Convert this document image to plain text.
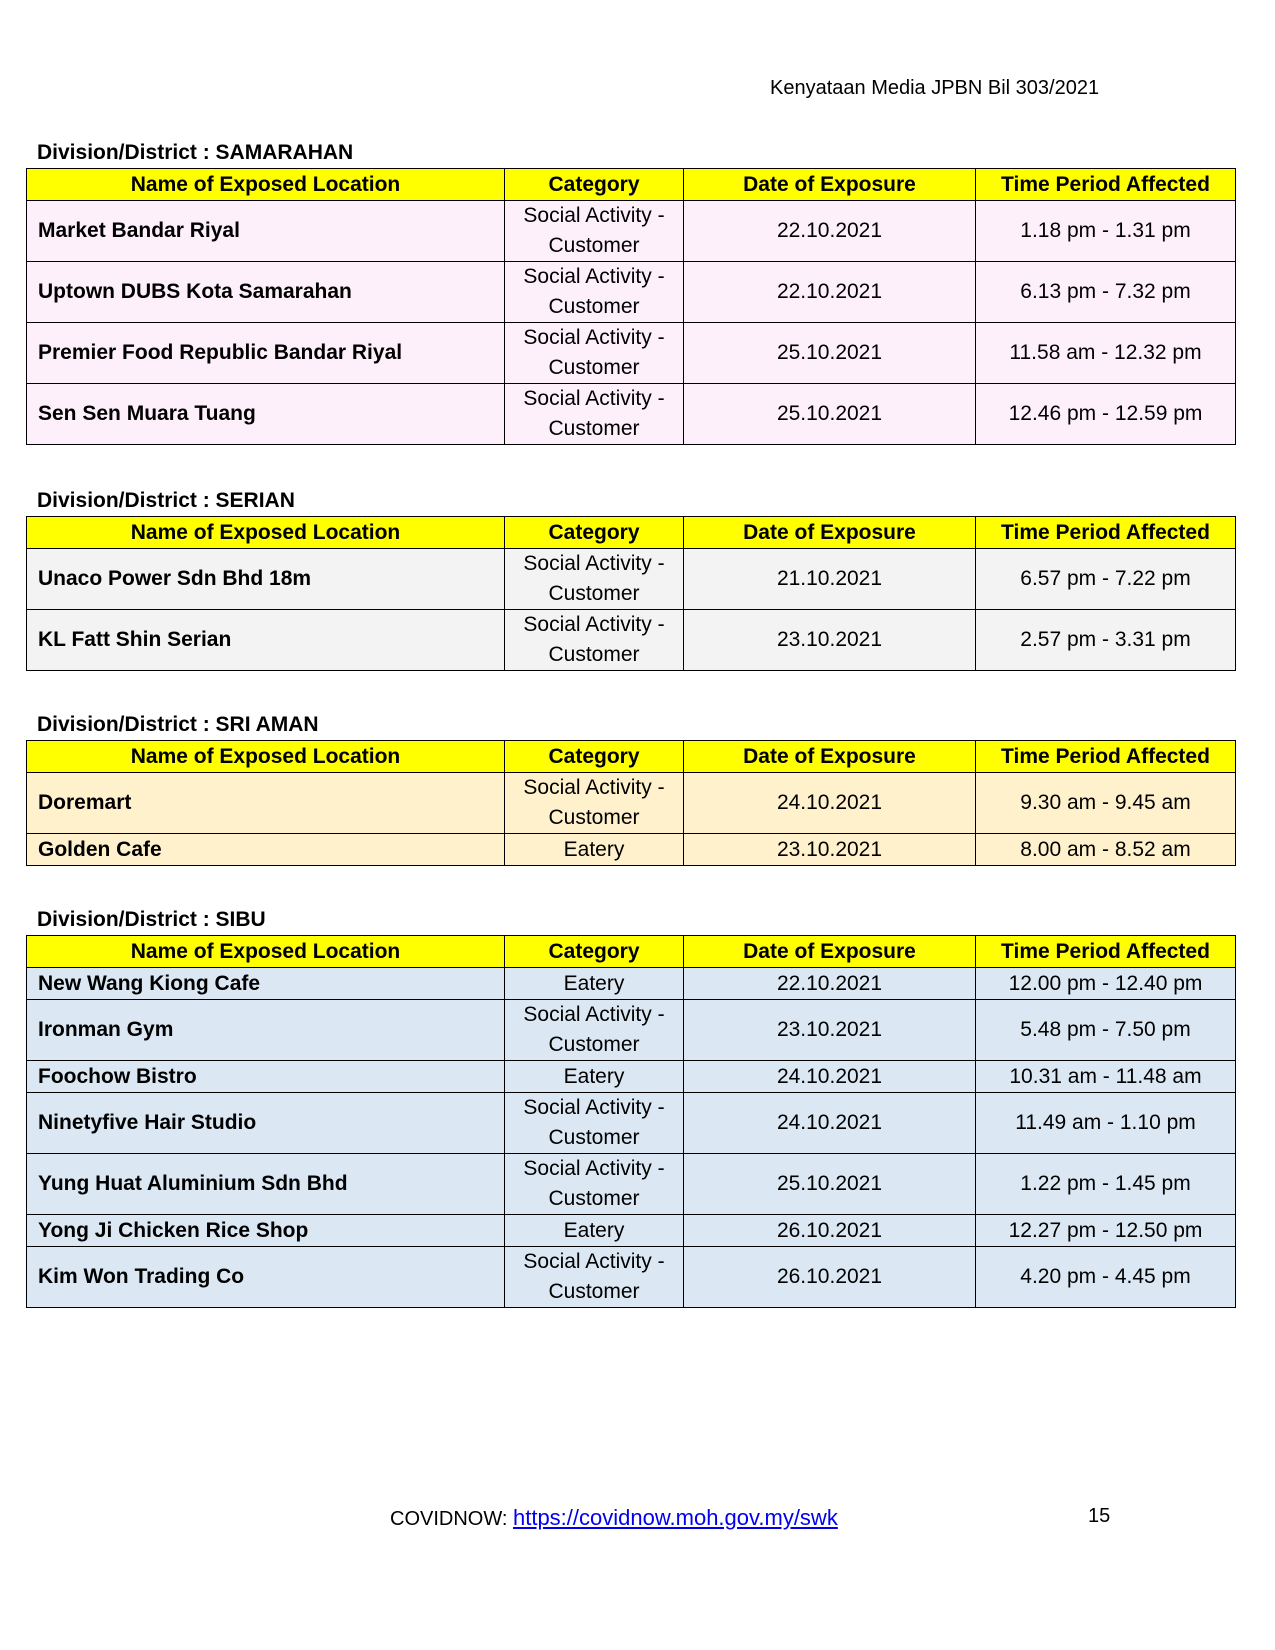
Kenyataan Media JPBN Bil 303/2021
Division/District : SAMARAHAN
Name of Exposed Location	Category	Date of Exposure	Time Period Affected
Market Bandar Riyal	Social Activity - Customer	22.10.2021	1.18 pm - 1.31 pm
Uptown DUBS Kota Samarahan	Social Activity - Customer	22.10.2021	6.13 pm - 7.32 pm
Premier Food Republic Bandar Riyal	Social Activity - Customer	25.10.2021	11.58 am - 12.32 pm
Sen Sen Muara Tuang	Social Activity - Customer	25.10.2021	12.46 pm - 12.59 pm
Division/District : SERIAN
Name of Exposed Location	Category	Date of Exposure	Time Period Affected
Unaco Power Sdn Bhd 18m	Social Activity - Customer	21.10.2021	6.57 pm - 7.22 pm
KL Fatt Shin Serian	Social Activity - Customer	23.10.2021	2.57 pm - 3.31 pm
Division/District : SRI AMAN
Name of Exposed Location	Category	Date of Exposure	Time Period Affected
Doremart	Social Activity - Customer	24.10.2021	9.30 am - 9.45 am
Golden Cafe	Eatery	23.10.2021	8.00 am - 8.52 am
Division/District : SIBU
Name of Exposed Location	Category	Date of Exposure	Time Period Affected
New Wang Kiong Cafe	Eatery	22.10.2021	12.00 pm - 12.40 pm
Ironman Gym	Social Activity - Customer	23.10.2021	5.48 pm - 7.50 pm
Foochow Bistro	Eatery	24.10.2021	10.31 am - 11.48 am
Ninetyfive Hair Studio	Social Activity - Customer	24.10.2021	11.49 am - 1.10 pm
Yung Huat Aluminium Sdn Bhd	Social Activity - Customer	25.10.2021	1.22 pm - 1.45 pm
Yong Ji Chicken Rice Shop	Eatery	26.10.2021	12.27 pm - 12.50 pm
Kim Won Trading Co	Social Activity - Customer	26.10.2021	4.20 pm - 4.45 pm
COVIDNOW: https://covidnow.moh.gov.my/swk	15
